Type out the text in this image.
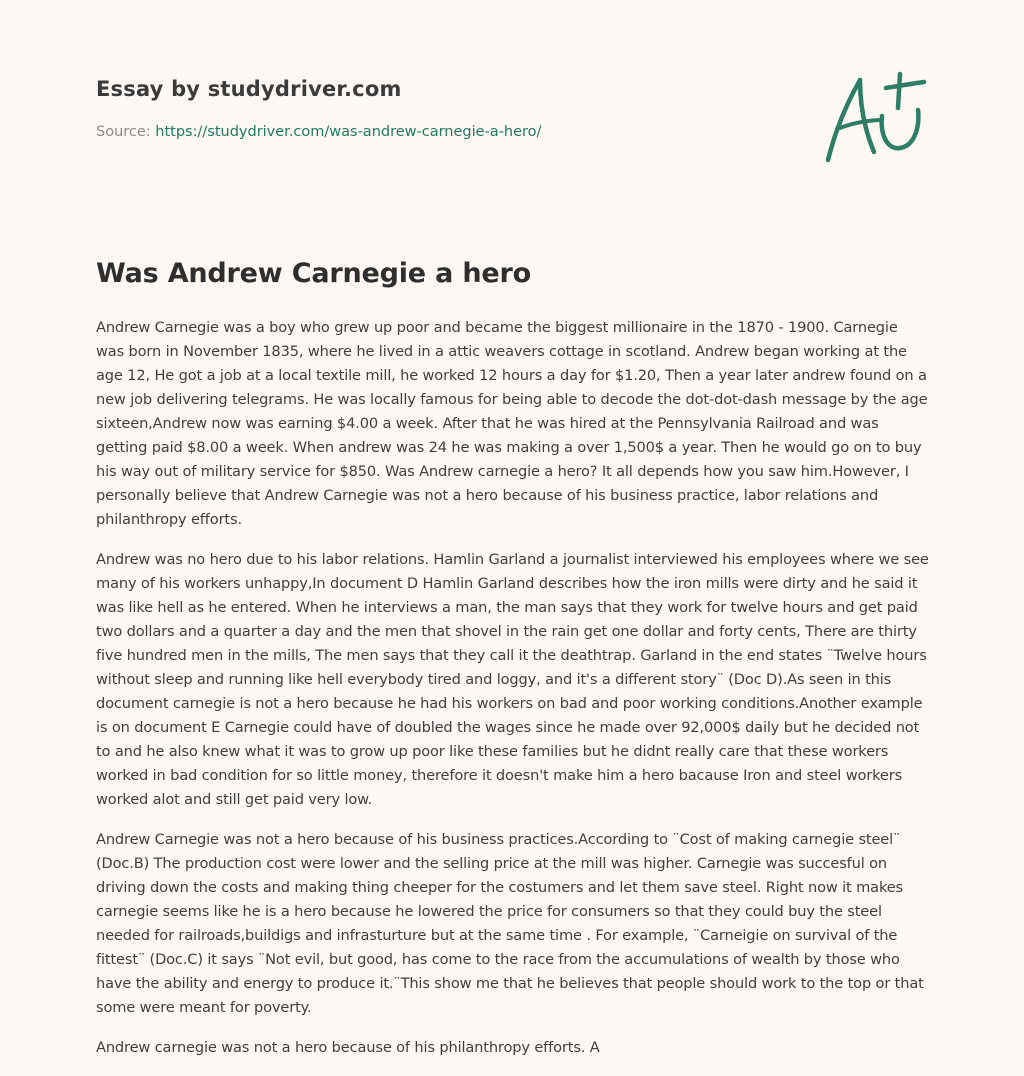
Essay by studydriver.com
Source: https://studydriver.com/was-andrew-carnegie-a-hero/
Was Andrew Carnegie a hero

Andrew Carnegie was a boy who grew up poor and became the biggest millionaire in the 1870 - 1900. Carnegie was born in November 1835, where he lived in a attic weavers cottage in scotland. Andrew began working at the age 12, He got a job at a local textile mill, he worked 12 hours a day for $1.20, Then a year later andrew found on a new job delivering telegrams. He was locally famous for being able to decode the dot-dot-dash message by the age sixteen,Andrew now was earning $4.00 a week. After that he was hired at the Pennsylvania Railroad and was getting paid $8.00 a week. When andrew was 24 he was making a over 1,500$ a year. Then he would go on to buy his way out of military service for $850. Was Andrew carnegie a hero? It all depends how you saw him.However, I personally believe that Andrew Carnegie was not a hero because of his business practice, labor relations and philanthropy efforts.

Andrew was no hero due to his labor relations. Hamlin Garland a journalist interviewed his employees where we see many of his workers unhappy,In document D Hamlin Garland describes how the iron mills were dirty and he said it was like hell as he entered. When he interviews a man, the man says that they work for twelve hours and get paid two dollars and a quarter a day and the men that shovel in the rain get one dollar and forty cents, There are thirty five hundred men in the mills, The men says that they call it the deathtrap. Garland in the end states ¨Twelve hours without sleep and running like hell everybody tired and loggy, and it's a different story¨ (Doc D).As seen in this document carnegie is not a hero because he had his workers on bad and poor working conditions.Another example is on document E Carnegie could have of doubled the wages since he made over 92,000$ daily but he decided not to and he also knew what it was to grow up poor like these families but he didnt really care that these workers worked in bad condition for so little money, therefore it doesn't make him a hero bacause Iron and steel workers worked alot and still get paid very low.

Andrew Carnegie was not a hero because of his business practices.According to ¨Cost of making carnegie steel¨ (Doc.B) The production cost were lower and the selling price at the mill was higher. Carnegie was succesful on driving down the costs and making thing cheeper for the costumers and let them save steel. Right now it makes carnegie seems like he is a hero because he lowered the price for consumers so that they could buy the steel needed for railroads,buildigs and infrasturture but at the same time . For example, ¨Carneigie on survival of the fittest¨ (Doc.C) it says ¨Not evil, but good, has come to the race from the accumulations of wealth by those who have the ability and energy to produce it.¨This show me that he believes that people should work to the top or that some were meant for poverty.

Andrew carnegie was not a hero because of his philanthropy efforts. A
